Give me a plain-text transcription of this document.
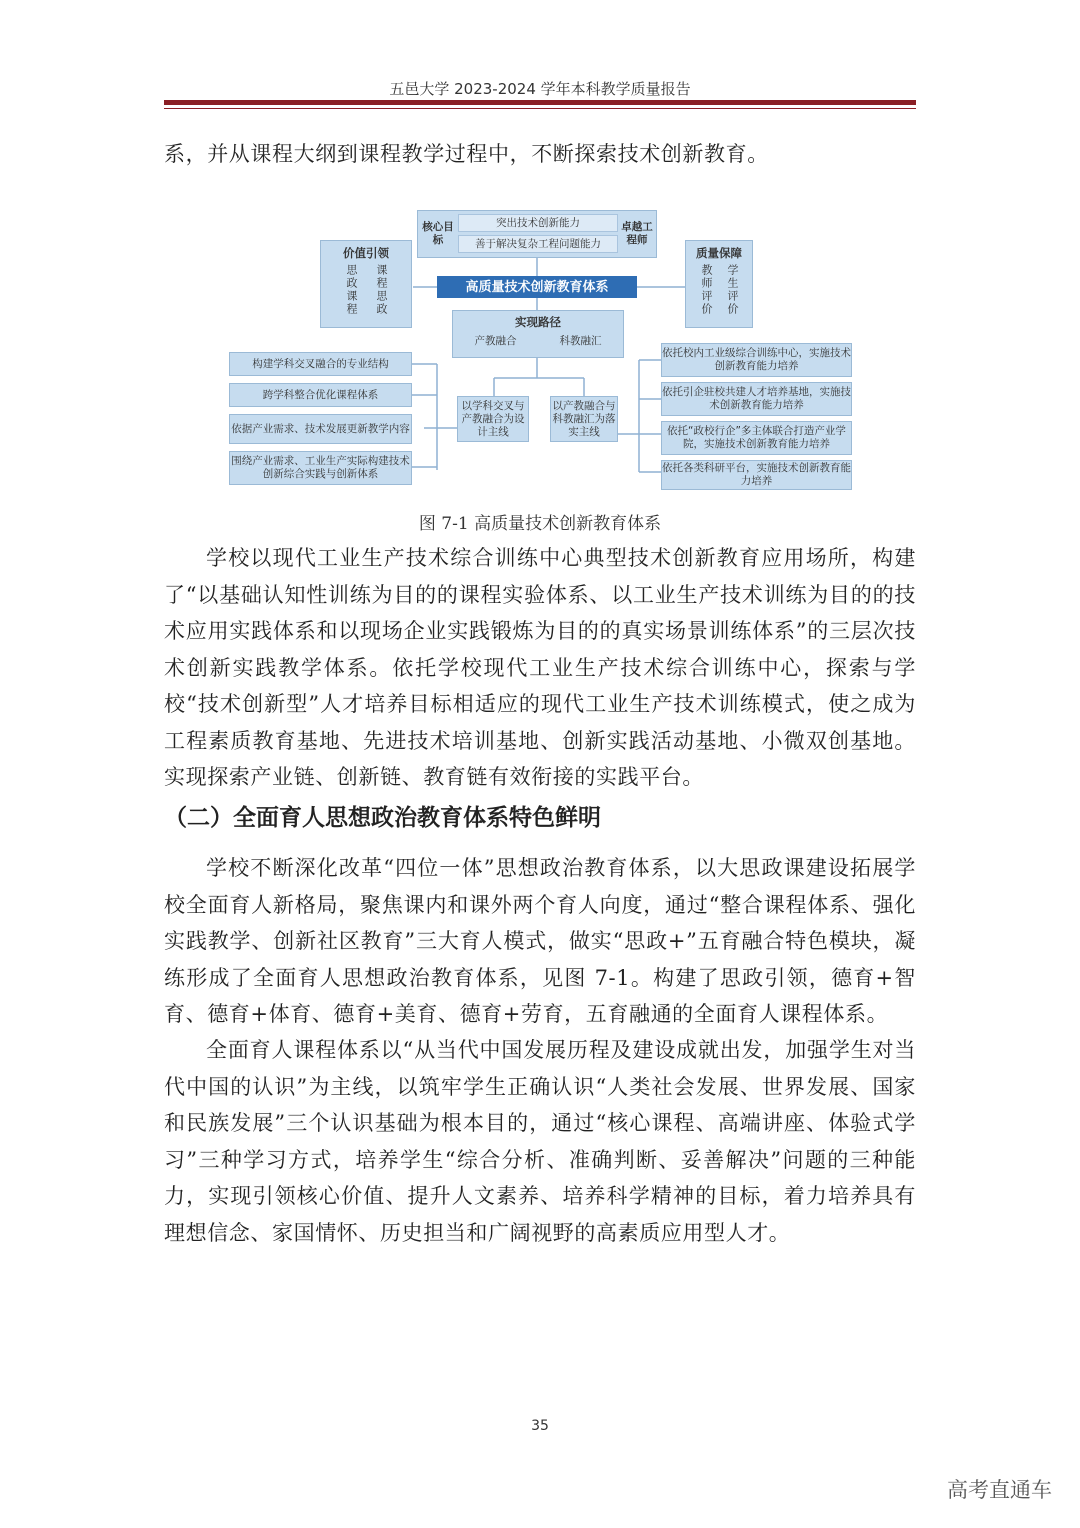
五邑大学 2023-2024 学年本科教学质量报告

系，并从课程大纲到课程教学过程中，不断探索技术创新教育。

核心目标
突出技术创新能力
善于解决复杂工程问题能力
卓越工程师
高质量技术创新教育体系
价值引领
思政课程 课程思政
质量保障
教师评价 学生评价
实现路径
产教融合	科教融汇
以学科交叉与产教融合为设计主线
以产教融合与科教融汇为落实主线
构建学科交叉融合的专业结构
跨学科整合优化课程体系
依据产业需求、技术发展更新教学内容
围绕产业需求、工业生产实际构建技术创新综合实践与创新体系
依托校内工业级综合训练中心，实施技术创新教育能力培养
依托引企驻校共建人才培养基地，实施技术创新教育能力培养
依托“政校行企”多主体联合打造产业学院，实施技术创新教育能力培养
依托各类科研平台，实施技术创新教育能力培养
图 7-1 高质量技术创新教育体系

学校以现代工业生产技术综合训练中心典型技术创新教育应用场所，构建了“以基础认知性训练为目的的课程实验体系、以工业生产技术训练为目的的技术应用实践体系和以现场企业实践锻炼为目的的真实场景训练体系”的三层次技术创新实践教学体系。依托学校现代工业生产技术综合训练中心，探索与学校“技术创新型”人才培养目标相适应的现代工业生产技术训练模式，使之成为工程素质教育基地、先进技术培训基地、创新实践活动基地、小微双创基地。实现探索产业链、创新链、教育链有效衔接的实践平台。

（二）全面育人思想政治教育体系特色鲜明

学校不断深化改革“四位一体”思想政治教育体系，以大思政课建设拓展学校全面育人新格局，聚焦课内和课外两个育人向度，通过“整合课程体系、强化实践教学、创新社区教育”三大育人模式，做实“思政+”五育融合特色模块，凝练形成了全面育人思想政治教育体系，见图 7-1。构建了思政引领，德育+智育、德育+体育、德育+美育、德育+劳育，五育融通的全面育人课程体系。

全面育人课程体系以“从当代中国发展历程及建设成就出发，加强学生对当代中国的认识”为主线，以筑牢学生正确认识“人类社会发展、世界发展、国家和民族发展”三个认识基础为根本目的，通过“核心课程、高端讲座、体验式学习”三种学习方式，培养学生“综合分析、准确判断、妥善解决”问题的三种能力，实现引领核心价值、提升人文素养、培养科学精神的目标，着力培养具有理想信念、家国情怀、历史担当和广阔视野的高素质应用型人才。

35
高考直通车
